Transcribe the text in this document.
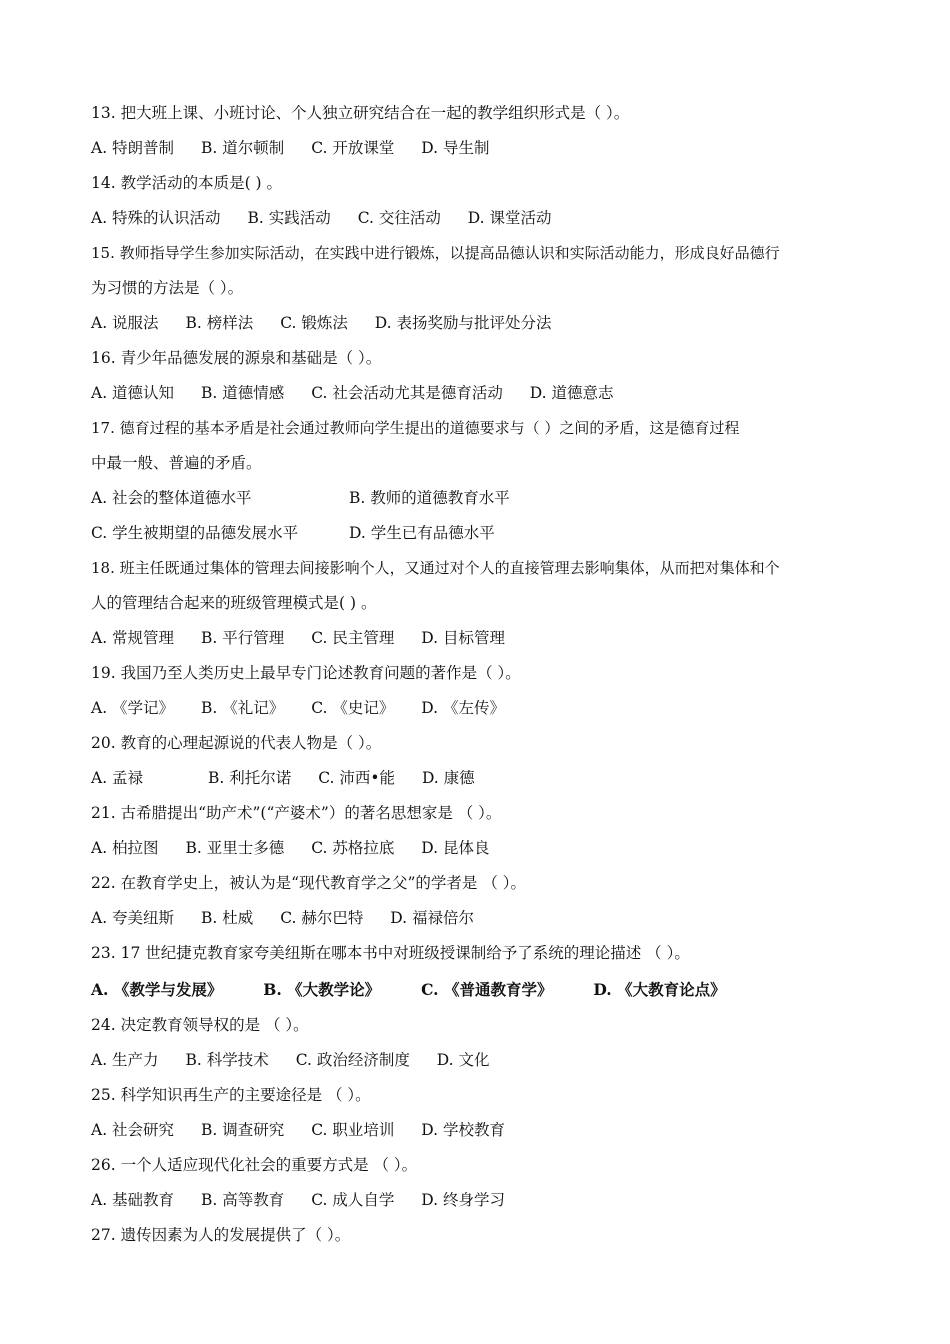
13. 把大班上课、小班讨论、个人独立研究结合在一起的教学组织形式是（ ）。
A. 特朗普制 B. 道尔顿制 C. 开放课堂 D. 导生制
14. 教学活动的本质是( ) 。
A. 特殊的认识活动 B. 实践活动 C. 交往活动 D. 课堂活动
15. 教师指导学生参加实际活动，在实践中进行锻炼，以提高品德认识和实际活动能力，形成良好品德行
为习惯的方法是（ ）。
A. 说服法 B. 榜样法 C. 锻炼法 D. 表扬奖励与批评处分法
16. 青少年品德发展的源泉和基础是（ ）。
A. 道德认知 B. 道德情感 C. 社会活动尤其是德育活动 D. 道德意志
17. 德育过程的基本矛盾是社会通过教师向学生提出的道德要求与（ ）之间的矛盾，这是德育过程
中最一般、普遍的矛盾。
A. 社会的整体道德水平	B. 教师的道德教育水平
C. 学生被期望的品德发展水平	D. 学生已有品德水平
18. 班主任既通过集体的管理去间接影响个人，又通过对个人的直接管理去影响集体，从而把对集体和个
人的管理结合起来的班级管理模式是( ) 。
A. 常规管理 B. 平行管理 C. 民主管理 D. 目标管理
19. 我国乃至人类历史上最早专门论述教育问题的著作是（ ）。
A. 《学记》 B. 《礼记》 C. 《史记》 D. 《左传》
20. 教育的心理起源说的代表人物是（ ）。
A. 孟禄	B. 利托尔诺 C. 沛西•能 D. 康德
21. 古希腊提出“助产术”(“产婆术”）的著名思想家是 （ ）。
A. 柏拉图 B. 亚里士多德 C. 苏格拉底 D. 昆体良
22. 在教育学史上，被认为是“现代教育学之父”的学者是 （ ）。
A. 夸美纽斯 B. 杜威 C. 赫尔巴特 D. 福禄倍尔
23. 17 世纪捷克教育家夸美纽斯在哪本书中对班级授课制给予了系统的理论描述 （ ）。
A. 《教学与发展》	B. 《大教学论》	C. 《普通教育学》	D. 《大教育论点》
24. 决定教育领导权的是 （ ）。
A. 生产力 B. 科学技术 C. 政治经济制度 D. 文化
25. 科学知识再生产的主要途径是 （ ）。
A. 社会研究 B. 调查研究 C. 职业培训 D. 学校教育
26. 一个人适应现代化社会的重要方式是 （ ）。
A. 基础教育 B. 高等教育 C. 成人自学 D. 终身学习
27. 遗传因素为人的发展提供了（ ）。
